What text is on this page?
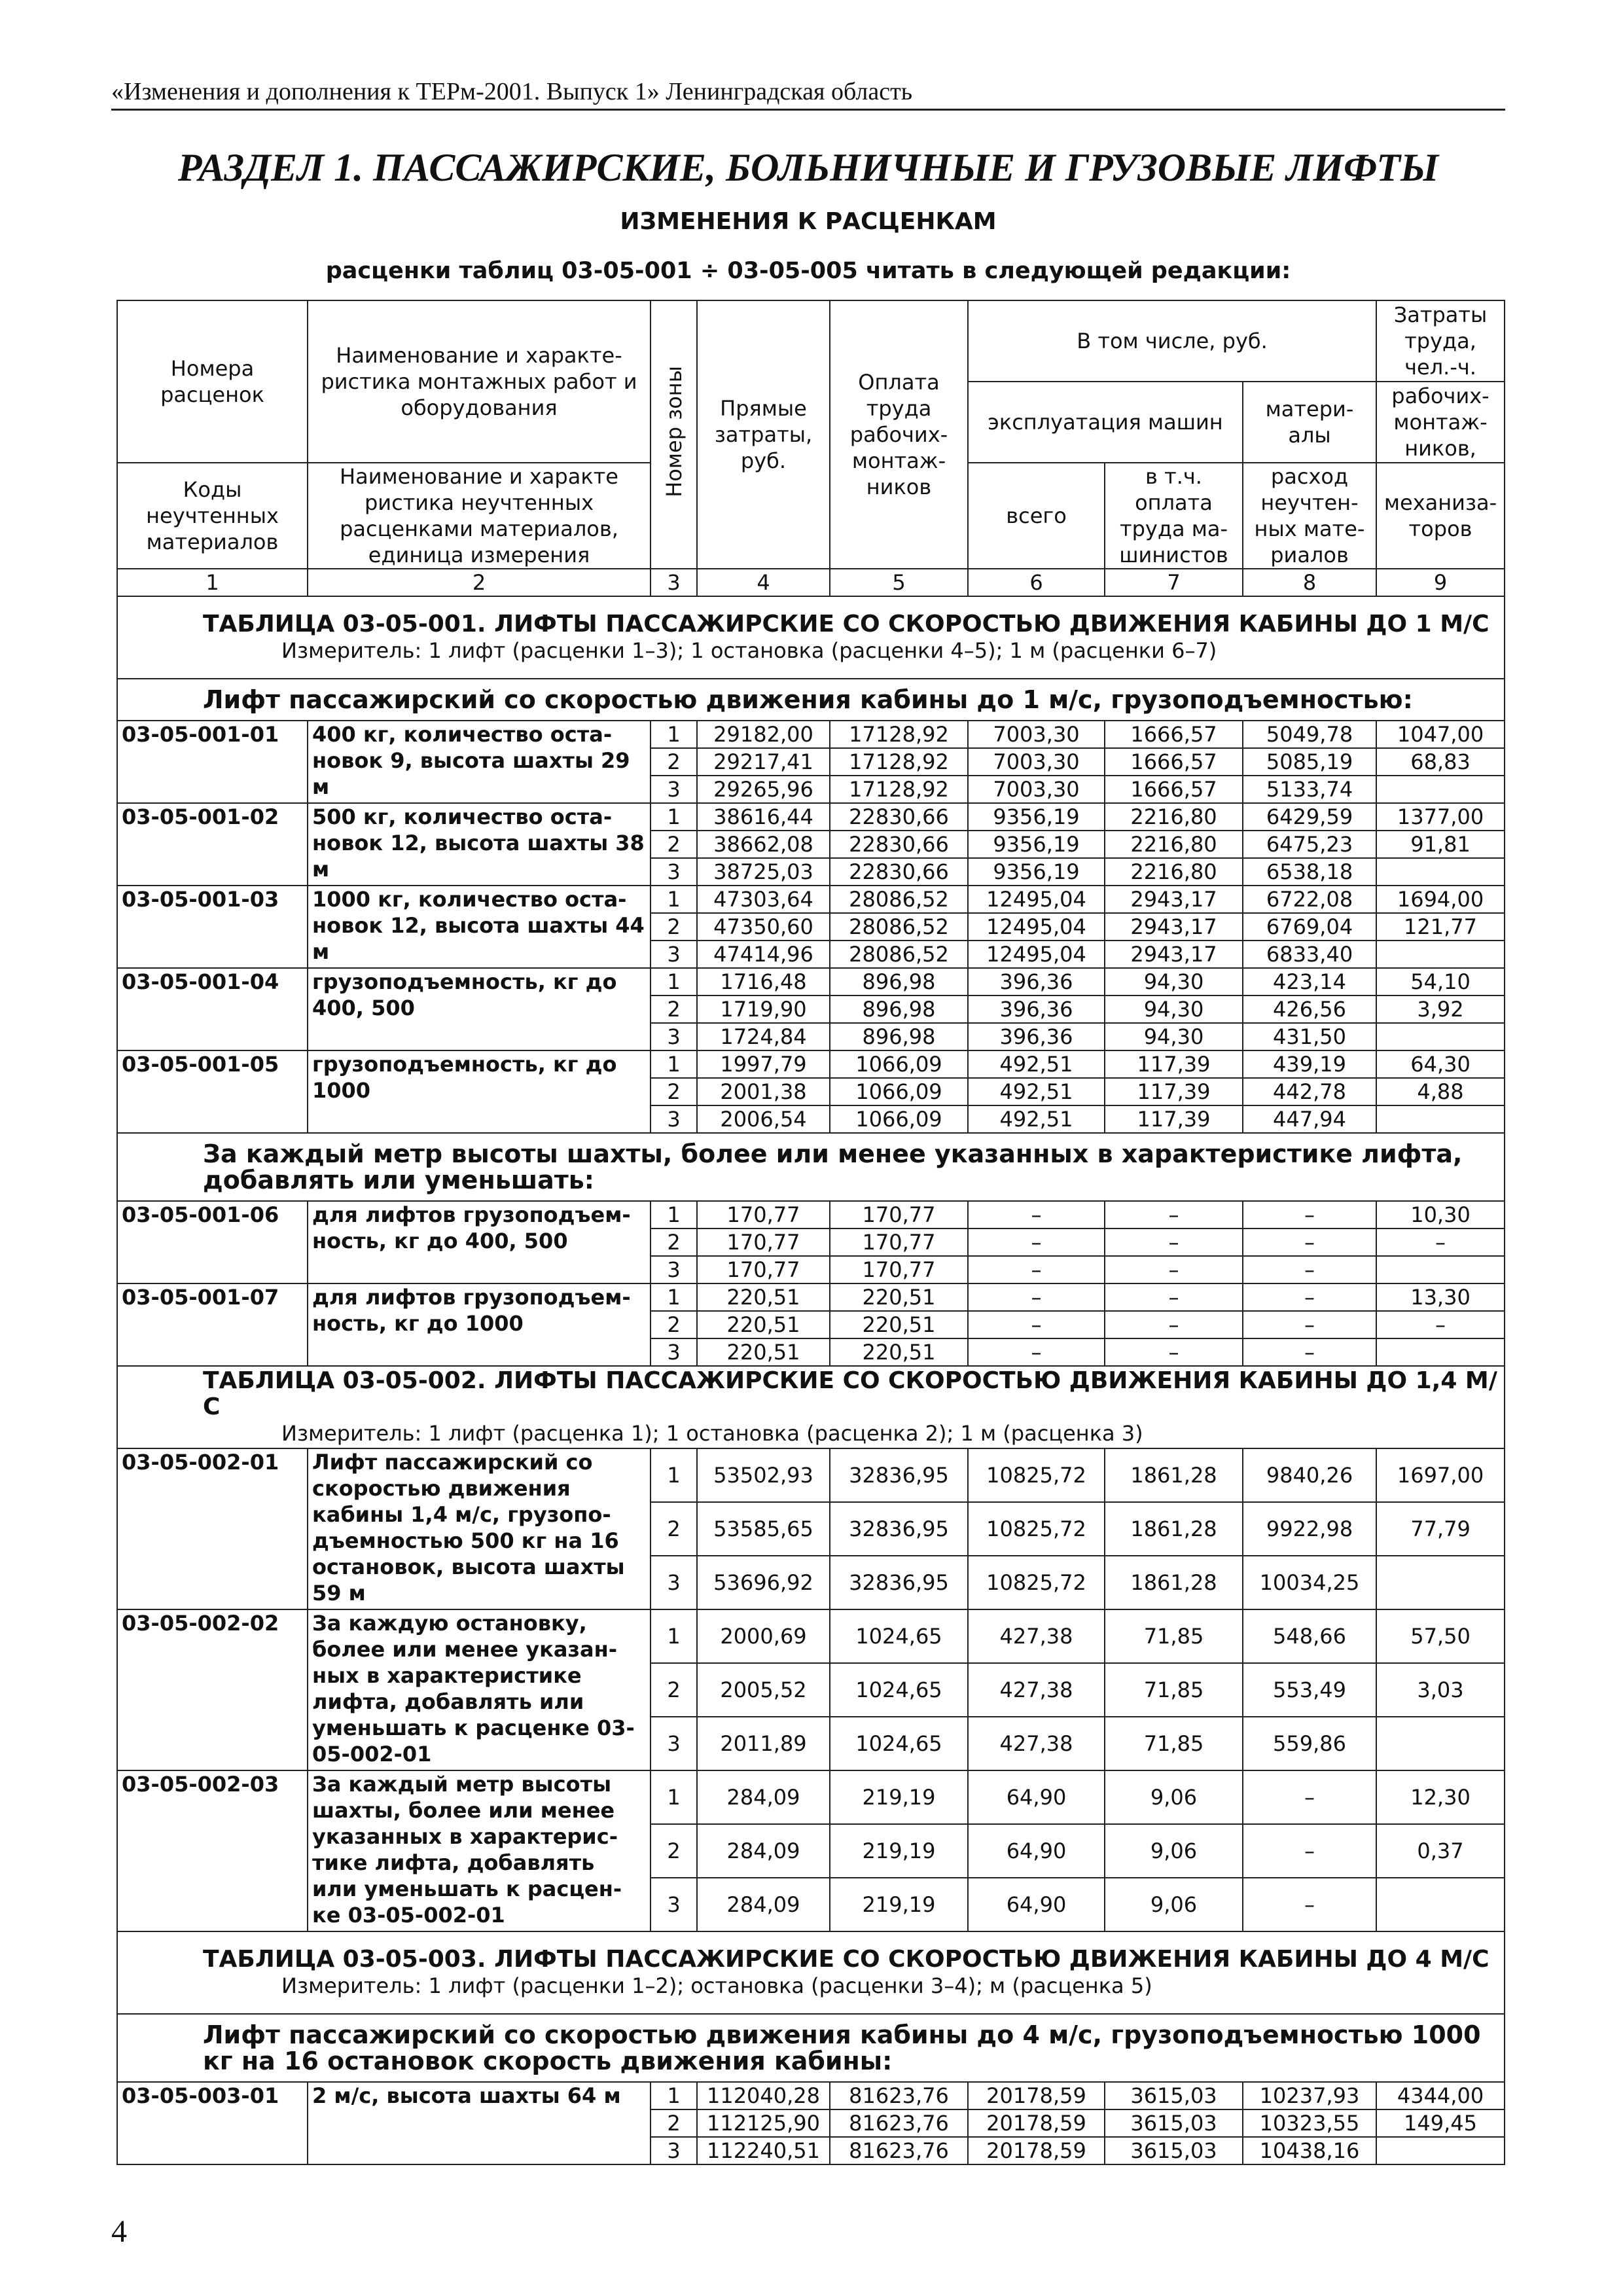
«Изменения и дополнения к ТЕРм-2001. Выпуск 1» Ленинградская область
РАЗДЕЛ 1. ПАССАЖИРСКИЕ, БОЛЬНИЧНЫЕ И ГРУЗОВЫЕ ЛИФТЫ
ИЗМЕНЕНИЯ К РАСЦЕНКАМ
расценки таблиц 03-05-001 ÷ 03-05-005 читать в следующей редакции:
Номера расценок	Наименование и характе-ристика монтажных работ и оборудования	Номер зоны	Прямые затраты, руб.	Оплата труда рабочих-монтаж-ников	В том числе, руб.			Затраты труда, чел.-ч.
					эксплуатация машин		матери-алы	рабочих-монтаж-ников,
Коды неучтенных материалов	Наименование и характе ристика неучтенных расценками материалов, единица измерения				всего	в т.ч. оплата труда ма-шинистов	расход неучтен-ных мате-риалов	механиза-торов

1	2	3	4	5	6	7	8	9
ТАБЛИЦА 03-05-001. ЛИФТЫ ПАССАЖИРСКИЕ СО СКОРОСТЬЮ ДВИЖЕНИЯ КАБИНЫ ДО 1 М/С
Измеритель: 1 лифт (расценки 1–3); 1 остановка (расценки 4–5); 1 м (расценки 6–7)								

Лифт пассажирский со скоростью движения кабины до 1 м/с, грузоподъемностью:								
03-05-001-01	400 кг, количество оста-новок 9, высота шахты 29 м	1	29182,00	17128,92	7003,30	1666,57	5049,78	1047,00
		2	29217,41	17128,92	7003,30	1666,57	5085,19	68,83
		3	29265,96	17128,92	7003,30	1666,57	5133,74	
03-05-001-02	500 кг, количество оста-новок 12, высота шахты 38 м	1	38616,44	22830,66	9356,19	2216,80	6429,59	1377,00
		2	38662,08	22830,66	9356,19	2216,80	6475,23	91,81
		3	38725,03	22830,66	9356,19	2216,80	6538,18	
03-05-001-03	1000 кг, количество оста-новок 12, высота шахты 44 м	1	47303,64	28086,52	12495,04	2943,17	6722,08	1694,00
		2	47350,60	28086,52	12495,04	2943,17	6769,04	121,77
		3	47414,96	28086,52	12495,04	2943,17	6833,40	
03-05-001-04	грузоподъемность, кг до 400, 500	1	1716,48	896,98	396,36	94,30	423,14	54,10
		2	1719,90	896,98	396,36	94,30	426,56	3,92
		3	1724,84	896,98	396,36	94,30	431,50	
03-05-001-05	грузоподъемность, кг до 1000	1	1997,79	1066,09	492,51	117,39	439,19	64,30
		2	2001,38	1066,09	492,51	117,39	442,78	4,88
		3	2006,54	1066,09	492,51	117,39	447,94	
За каждый метр высоты шахты, более или менее указанных в характеристике лифта, добавлять или уменьшать:								
03-05-001-06	для лифтов грузоподъем-ность, кг до 400, 500	1	170,77	170,77	–	–	–	10,30
		2	170,77	170,77	–	–	–	–
		3	170,77	170,77	–	–	–	
03-05-001-07	для лифтов грузоподъем-ность, кг до 1000	1	220,51	220,51	–	–	–	13,30
		2	220,51	220,51	–	–	–	–
		3	220,51	220,51	–	–	–	
ТАБЛИЦА 03-05-002. ЛИФТЫ ПАССАЖИРСКИЕ СО СКОРОСТЬЮ ДВИЖЕНИЯ КАБИНЫ ДО 1,4 М/С
Измеритель: 1 лифт (расценка 1); 1 остановка (расценка 2); 1 м (расценка 3)								

03-05-002-01	Лифт пассажирский со скоростью движения кабины 1,4 м/с, грузопо-дъемностью 500 кг на 16 остановок, высота шахты 59 м	1	53502,93	32836,95	10825,72	1861,28	9840,26	1697,00
		2	53585,65	32836,95	10825,72	1861,28	9922,98	77,79
		3	53696,92	32836,95	10825,72	1861,28	10034,25	
03-05-002-02	За каждую остановку, более или менее указан-ных в характеристике лифта, добавлять или уменьшать к расценке 03-05-002-01	1	2000,69	1024,65	427,38	71,85	548,66	57,50
		2	2005,52	1024,65	427,38	71,85	553,49	3,03
		3	2011,89	1024,65	427,38	71,85	559,86	
03-05-002-03	За каждый метр высоты шахты, более или менее указанных в характерис-тике лифта, добавлять или уменьшать к расцен-ке 03-05-002-01	1	284,09	219,19	64,90	9,06	–	12,30
		2	284,09	219,19	64,90	9,06	–	0,37
		3	284,09	219,19	64,90	9,06	–	
ТАБЛИЦА 03-05-003. ЛИФТЫ ПАССАЖИРСКИЕ СО СКОРОСТЬЮ ДВИЖЕНИЯ КАБИНЫ ДО 4 М/С
Измеритель: 1 лифт (расценки 1–2); остановка (расценки 3–4); м (расценка 5)								

Лифт пассажирский со скоростью движения кабины до 4 м/с, грузоподъемностью 1000 кг на 16 остановок скорость движения кабины:								
03-05-003-01	2 м/с, высота шахты 64 м	1	112040,28	81623,76	20178,59	3615,03	10237,93	4344,00
		2	112125,90	81623,76	20178,59	3615,03	10323,55	149,45
		3	112240,51	81623,76	20178,59	3615,03	10438,16	
4
